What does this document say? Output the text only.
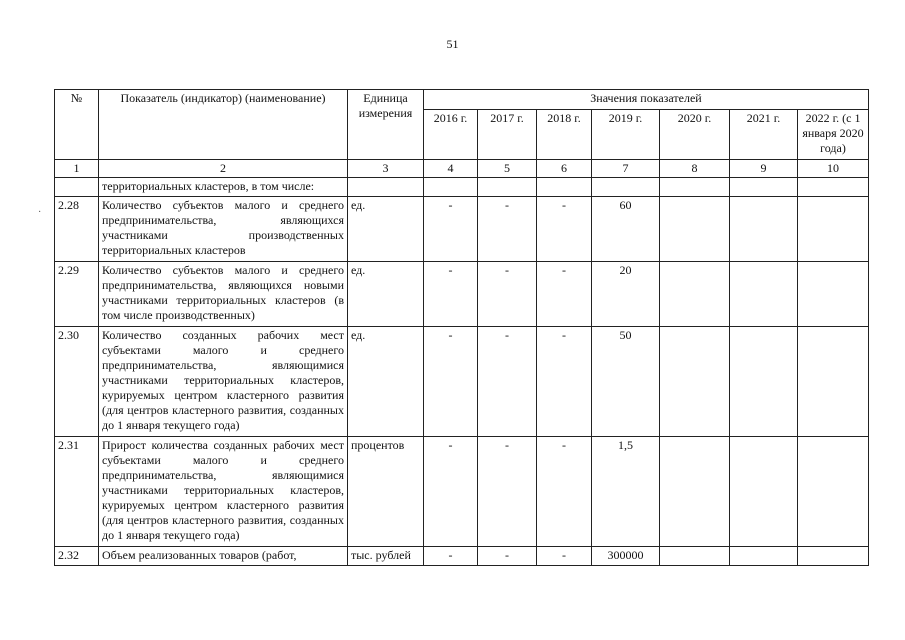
51
·
№	Показатель (индикатор) (наименование)	Единица измерения	Значения показателей						
			2016 г.	2017 г.	2018 г.	2019 г.	2020 г.	2021 г.	2022 г. (с 1 января 2020 года)
1	2	3	4	5	6	7	8	9	10
	территориальных кластеров, в том числе:								
2.28	Количество субъектов малого и среднего предпринимательства, являющихся участниками производственных территориальных кластеров	ед.	-	-	-	60			
2.29	Количество субъектов малого и среднего предпринимательства, являющихся новыми участниками территориальных кластеров (в том числе производственных)	ед.	-	-	-	20			
2.30	Количество созданных рабочих мест субъектами малого и среднего предпринимательства, являющимися участниками территориальных кластеров, курируемых центром кластерного развития (для центров кластерного развития, созданных до 1 января текущего года)	ед.	-	-	-	50			
2.31	Прирост количества созданных рабочих мест субъектами малого и среднего предпринимательства, являющимися участниками территориальных кластеров, курируемых центром кластерного развития (для центров кластерного развития, созданных до 1 января текущего года)	процентов	-	-	-	1,5			
2.32	Объем реализованных товаров (работ,	тыс. рублей	-	-	-	300000			
